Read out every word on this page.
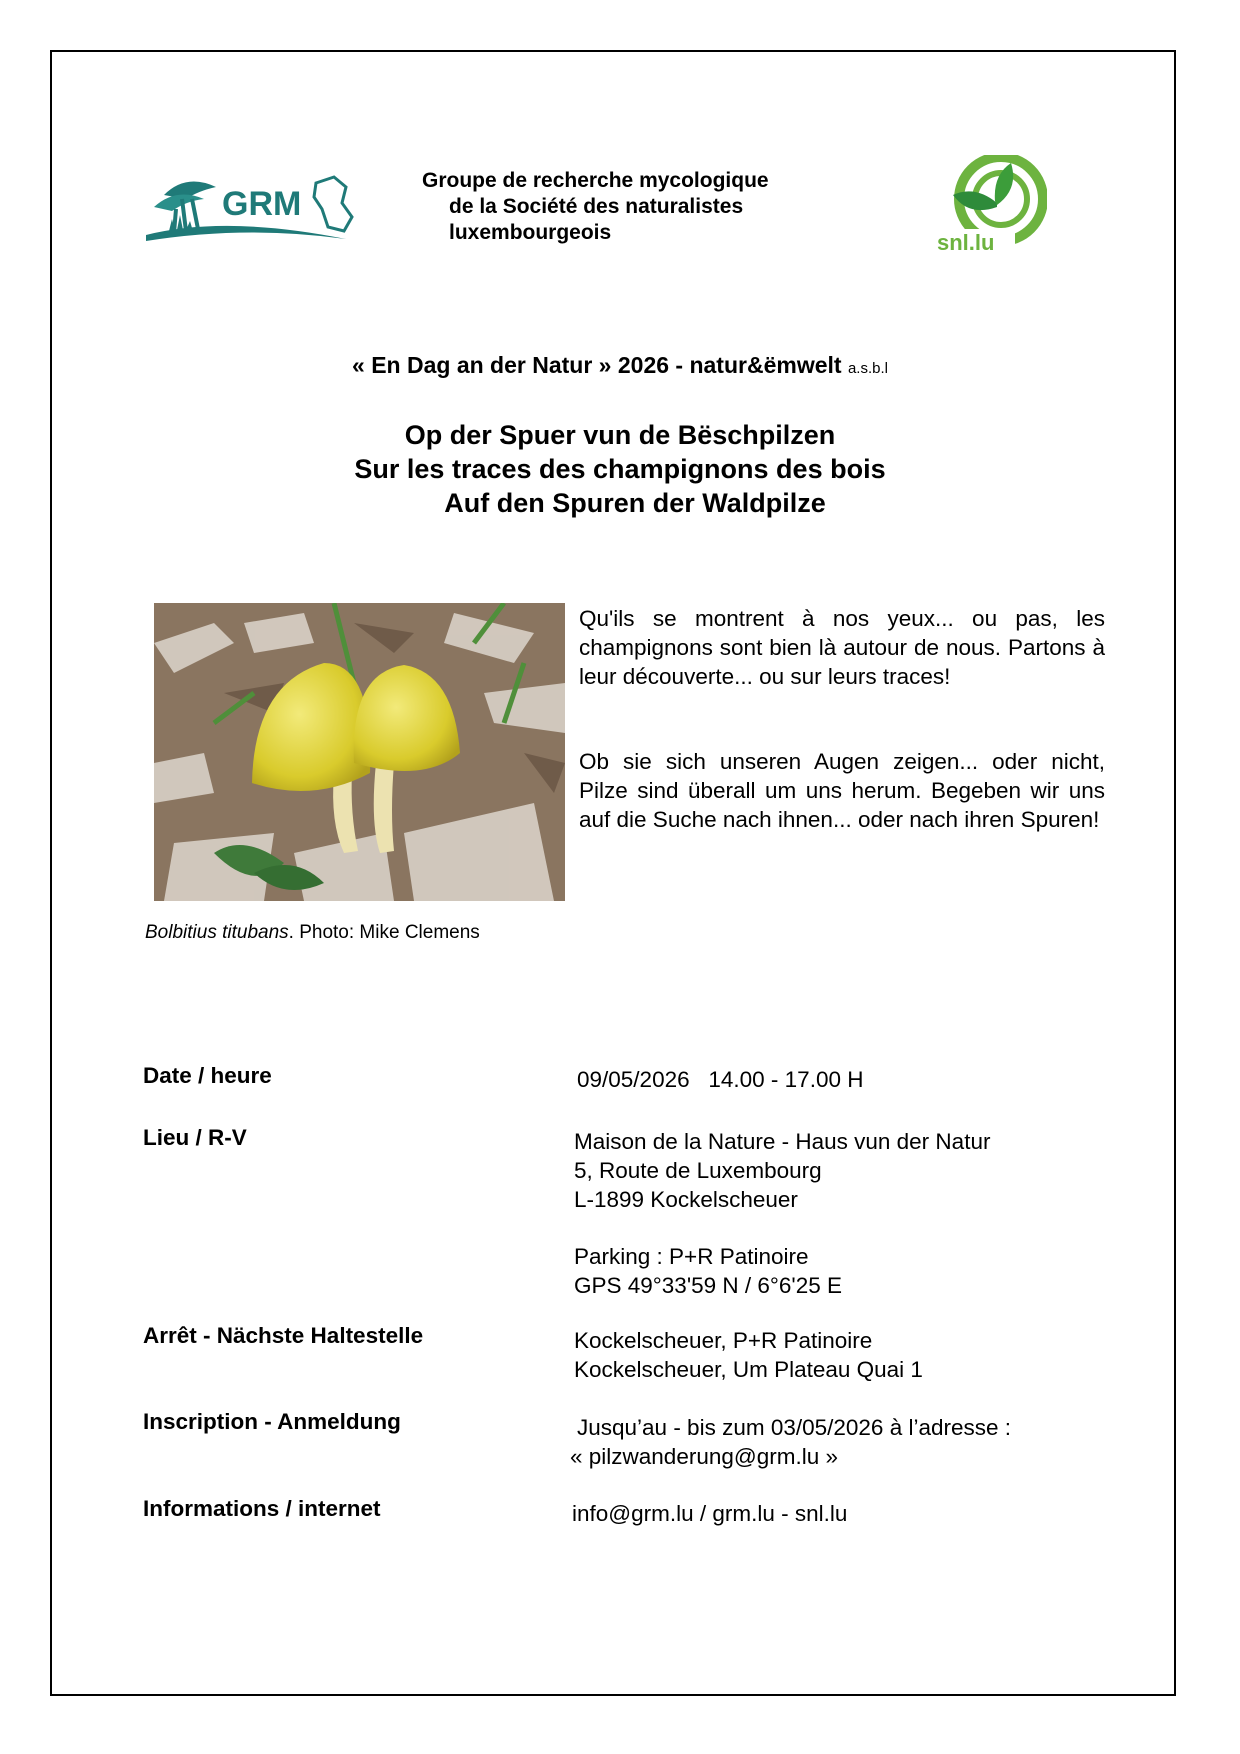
GRM
Groupe de recherche mycologique
de la Société des naturalistes
luxembourgeois	snl.lu
« En Dag an der Natur » 2026 - natur&ëmwelt a.s.b.l
Op der Spuer vun de Bëschpilzen
Sur les traces des champignons des bois
Auf den Spuren der Waldpilze
Bolbitius titubans. Photo: Mike Clemens

Qu'ils se montrent à nos yeux... ou pas, les champignons sont bien là autour de nous. Partons à leur découverte... ou sur leurs traces!

Ob sie sich unseren Augen zeigen... oder nicht, Pilze sind überall um uns herum. Begeben wir uns auf die Suche nach ihnen... oder nach ihren Spuren!

Date / heure	09/05/2026   14.00 - 17.00 H
Lieu / R-V	Maison de la Nature - Haus vun der Natur
5, Route de Luxembourg
L-1899 Kockelscheuer
Parking : P+R Patinoire
GPS 49°33'59 N / 6°6'25 E
Arrêt - Nächste Haltestelle	Kockelscheuer, P+R Patinoire
Kockelscheuer, Um Plateau Quai 1
Inscription - Anmeldung	Jusqu’au - bis zum 03/05/2026 à l’adresse :
« pilzwanderung@grm.lu »
Informations / internet	info@grm.lu / grm.lu - snl.lu
